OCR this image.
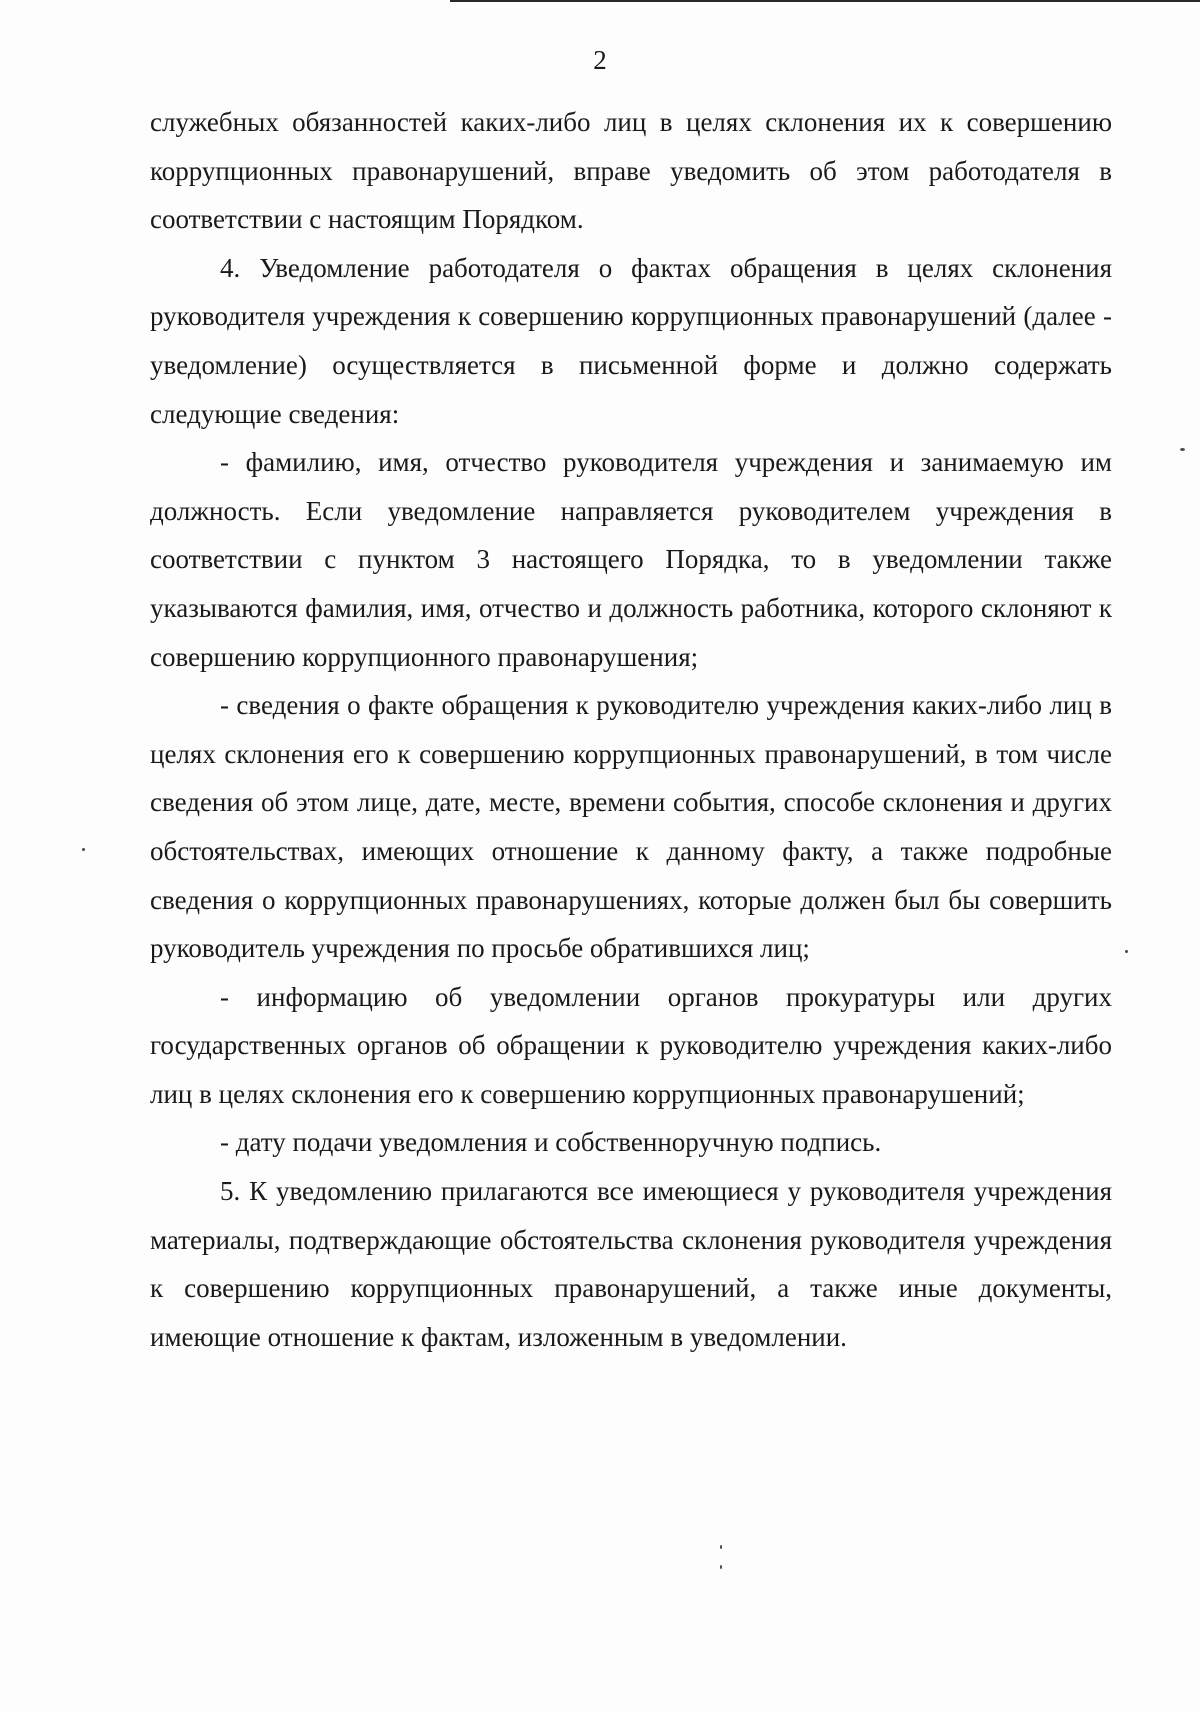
2

служебных обязанностей каких-либо лиц в целях склонения их к совершению коррупционных правонарушений, вправе уведомить об этом работодателя в соответствии с настоящим Порядком.

4. Уведомление работодателя о фактах обращения в целях склонения руководителя учреждения к совершению коррупционных правонарушений (далее - уведомление) осуществляется в письменной форме и должно содержать следующие сведения:

- фамилию, имя, отчество руководителя учреждения и занимаемую им должность. Если уведомление направляется руководителем учреждения в соответствии с пунктом 3 настоящего Порядка, то в уведомлении также указываются фамилия, имя, отчество и должность работника, которого склоняют к совершению коррупционного правонарушения;

- сведения о факте обращения к руководителю учреждения каких-либо лиц в целях склонения его к совершению коррупционных правонарушений, в том числе сведения об этом лице, дате, месте, времени события, способе склонения и других обстоятельствах, имеющих отношение к данному факту, а также подробные сведения о коррупционных правонарушениях, которые должен был бы совершить руководитель учреждения по просьбе обратившихся лиц;

- информацию об уведомлении органов прокуратуры или других государственных органов об обращении к руководителю учреждения каких-либо лиц в целях склонения его к совершению коррупционных правонарушений;

- дату подачи уведомления и собственноручную подпись.

5. К уведомлению прилагаются все имеющиеся у руководителя учреждения материалы, подтверждающие обстоятельства склонения руководителя учреждения к совершению коррупционных правонарушений, а также иные документы, имеющие отношение к фактам, изложенным в уведомлении.
